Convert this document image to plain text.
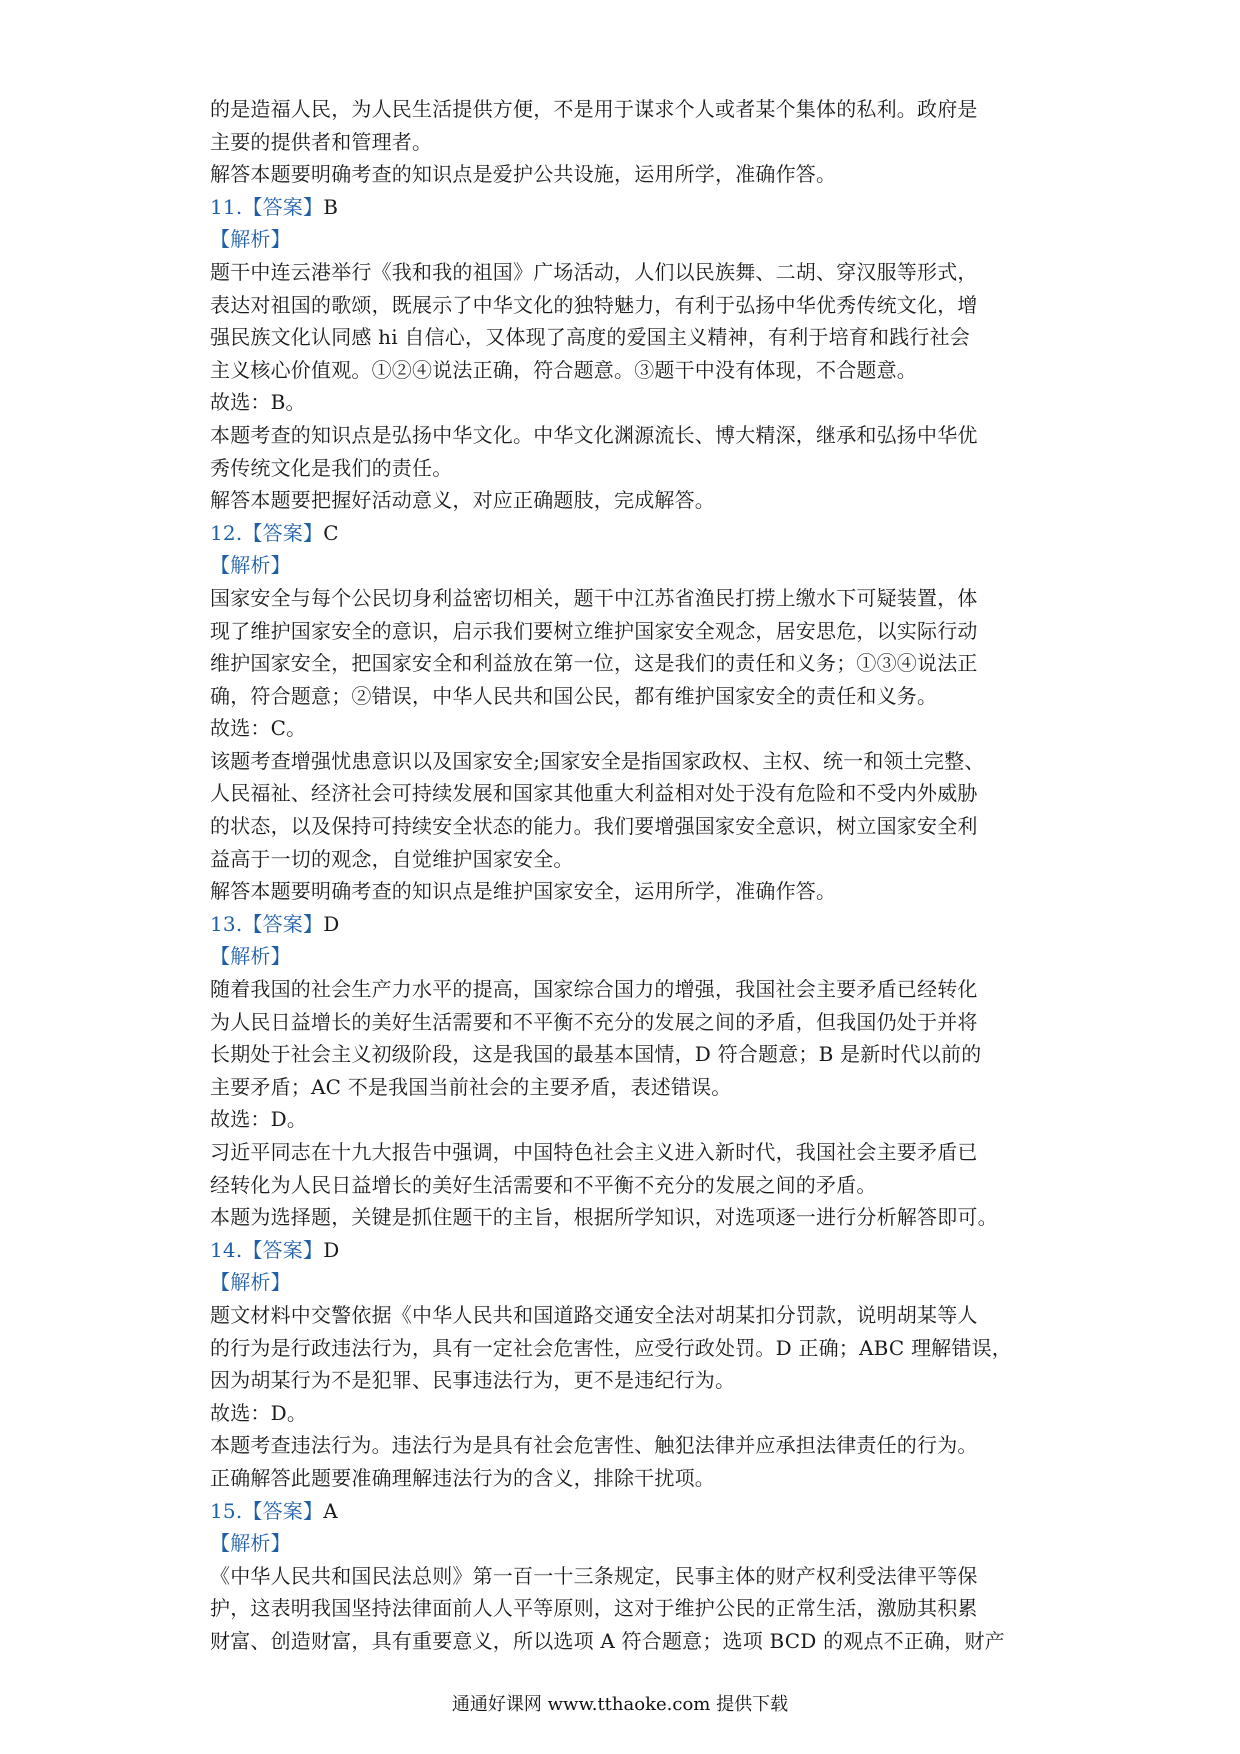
的是造福人民，为人民生活提供方便，不是用于谋求个人或者某个集体的私利。政府是
主要的提供者和管理者。
解答本题要明确考查的知识点是爱护公共设施，运用所学，准确作答。
11.【答案】B
【解析】
题干中连云港举行《我和我的祖国》广场活动，人们以民族舞、二胡、穿汉服等形式，
表达对祖国的歌颂，既展示了中华文化的独特魅力，有利于弘扬中华优秀传统文化，增
强民族文化认同感 hi 自信心，又体现了高度的爱国主义精神，有利于培育和践行社会
主义核心价值观。①②④说法正确，符合题意。③题干中没有体现，不合题意。
故选：B。
本题考查的知识点是弘扬中华文化。中华文化渊源流长、博大精深，继承和弘扬中华优
秀传统文化是我们的责任。
解答本题要把握好活动意义，对应正确题肢，完成解答。
12.【答案】C
【解析】
国家安全与每个公民切身利益密切相关，题干中江苏省渔民打捞上缴水下可疑装置，体
现了维护国家安全的意识，启示我们要树立维护国家安全观念，居安思危，以实际行动
维护国家安全，把国家安全和利益放在第一位，这是我们的责任和义务；①③④说法正
确，符合题意；②错误，中华人民共和国公民，都有维护国家安全的责任和义务。
故选：C。
该题考查增强忧患意识以及国家安全;国家安全是指国家政权、主权、统一和领土完整、
人民福祉、经济社会可持续发展和国家其他重大利益相对处于没有危险和不受内外威胁
的状态，以及保持可持续安全状态的能力。我们要增强国家安全意识，树立国家安全利
益高于一切的观念，自觉维护国家安全。
解答本题要明确考查的知识点是维护国家安全，运用所学，准确作答。
13.【答案】D
【解析】
随着我国的社会生产力水平的提高，国家综合国力的增强，我国社会主要矛盾已经转化
为人民日益增长的美好生活需要和不平衡不充分的发展之间的矛盾，但我国仍处于并将
长期处于社会主义初级阶段，这是我国的最基本国情，D 符合题意；B 是新时代以前的
主要矛盾；AC 不是我国当前社会的主要矛盾，表述错误。
故选：D。
习近平同志在十九大报告中强调，中国特色社会主义进入新时代，我国社会主要矛盾已
经转化为人民日益增长的美好生活需要和不平衡不充分的发展之间的矛盾。
本题为选择题，关键是抓住题干的主旨，根据所学知识，对选项逐一进行分析解答即可。
14.【答案】D
【解析】
题文材料中交警依据《中华人民共和国道路交通安全法对胡某扣分罚款，说明胡某等人
的行为是行政违法行为，具有一定社会危害性，应受行政处罚。D 正确；ABC 理解错误，
因为胡某行为不是犯罪、民事违法行为，更不是违纪行为。
故选：D。
本题考查违法行为。违法行为是具有社会危害性、触犯法律并应承担法律责任的行为。
正确解答此题要准确理解违法行为的含义，排除干扰项。
15.【答案】A
【解析】
《中华人民共和国民法总则》第一百一十三条规定，民事主体的财产权利受法律平等保
护，这表明我国坚持法律面前人人平等原则，这对于维护公民的正常生活，激励其积累
财富、创造财富，具有重要意义，所以选项 A 符合题意；选项 BCD 的观点不正确，财产
通通好课网 www.tthaoke.com 提供下载
